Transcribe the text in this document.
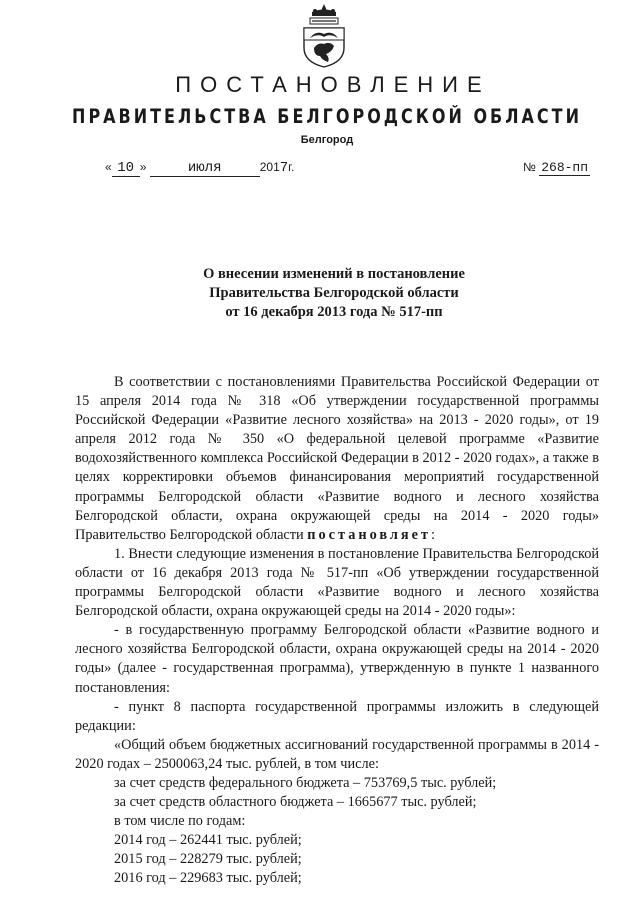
ПОСТАНОВЛЕНИЕ
ПРАВИТЕЛЬСТВА БЕЛГОРОДСКОЙ ОБЛАСТИ
Белгород
« 10 »	июля	2017г.	№ 268-пп
О внесении изменений в постановление
Правительства Белгородской области
от 16 декабря 2013 года № 517-пп

В соответствии с постановлениями Правительства Российской Федерации от 15 апреля 2014 года № 318 «Об утверждении государственной программы Российской Федерации «Развитие лесного хозяйства» на 2013 - 2020 годы», от 19 апреля 2012 года № 350 «О федеральной целевой программе «Развитие водохозяйственного комплекса Российской Федерации в 2012 - 2020 годах», а также в целях корректировки объемов финансирования мероприятий государственной программы Белгородской области «Развитие водного и лесного хозяйства Белгородской области, охрана окружающей среды на 2014 - 2020 годы» Правительство Белгородской области постановляет:

1. Внести следующие изменения в постановление Правительства Белгородской области от 16 декабря 2013 года № 517-пп «Об утверждении государственной программы Белгородской области «Развитие водного и лесного хозяйства Белгородской области, охрана окружающей среды на 2014 - 2020 годы»:

- в государственную программу Белгородской области «Развитие водного и лесного хозяйства Белгородской области, охрана окружающей среды на 2014 - 2020 годы» (далее - государственная программа), утвержденную в пункте 1 названного постановления:

- пункт 8 паспорта государственной программы изложить в следующей редакции:

«Общий объем бюджетных ассигнований государственной программы в 2014 - 2020 годах – 2500063,24 тыс. рублей, в том числе:

за счет средств федерального бюджета – 753769,5 тыс. рублей;

за счет средств областного бюджета – 1665677 тыс. рублей;

в том числе по годам:

2014 год – 262441 тыс. рублей;

2015 год – 228279 тыс. рублей;

2016 год – 229683 тыс. рублей;
